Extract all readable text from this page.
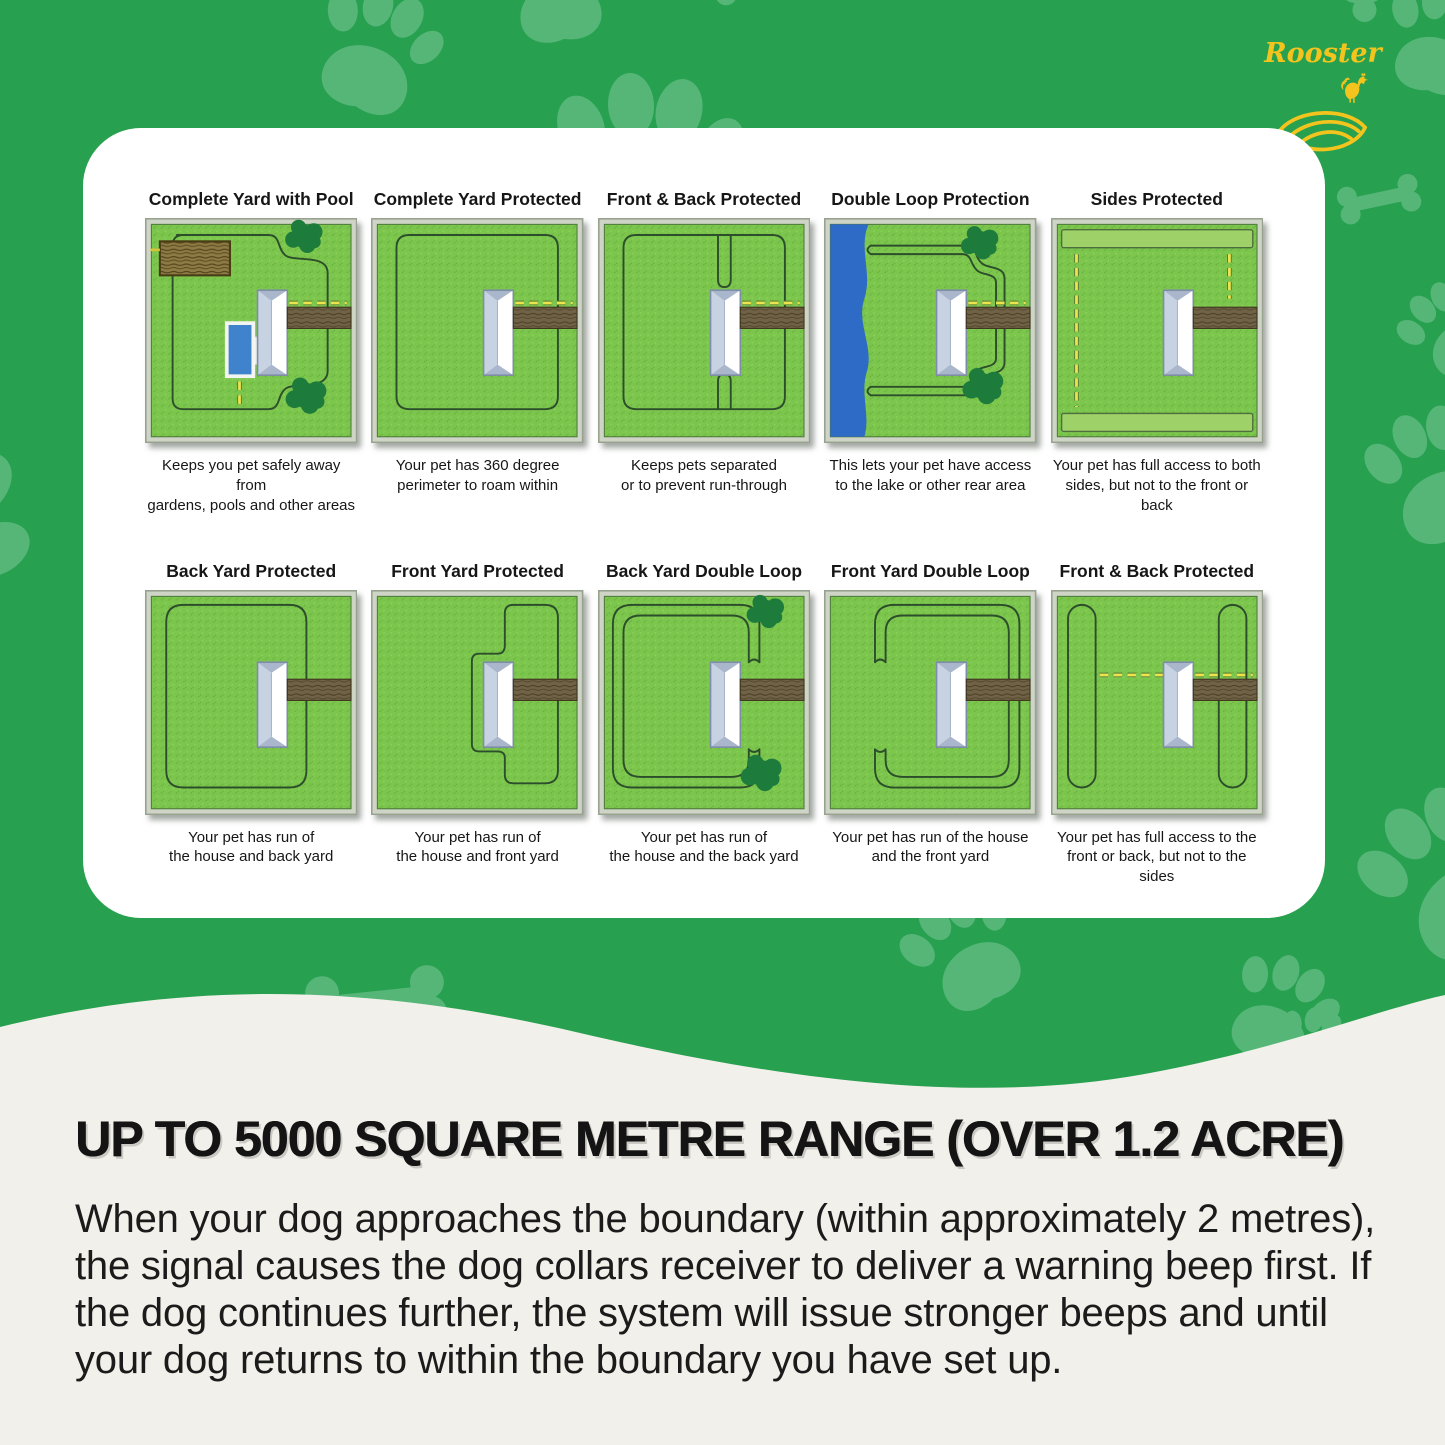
Rooster
Complete Yard with Pool
Keeps you pet safely away from
gardens, pools and other areas
Complete Yard Protected
Your pet has 360 degree
perimeter to roam within
Front & Back Protected
Keeps pets separated
or to prevent run-through
Double Loop Protection
This lets your pet have access
to the lake or other rear area
Sides Protected
Your pet has full access to both
sides, but not to the front or back
Back Yard Protected
Your pet has run of
the house and back yard
Front Yard Protected
Your pet has run of
the house and front yard
Back Yard Double Loop
Your pet has run of
the house and the back yard
Front Yard Double Loop
Your pet has run of the house
and the front yard
Front & Back Protected
Your pet has full access to the
front or back, but not to the sides
UP TO 5000 SQUARE METRE RANGE (OVER 1.2 ACRE)

When your dog approaches the boundary (within approximately 2 metres), the signal causes the dog collars receiver to deliver a warning beep first. If the dog continues further, the system will issue stronger beeps and until your dog returns to within the boundary you have set up.
